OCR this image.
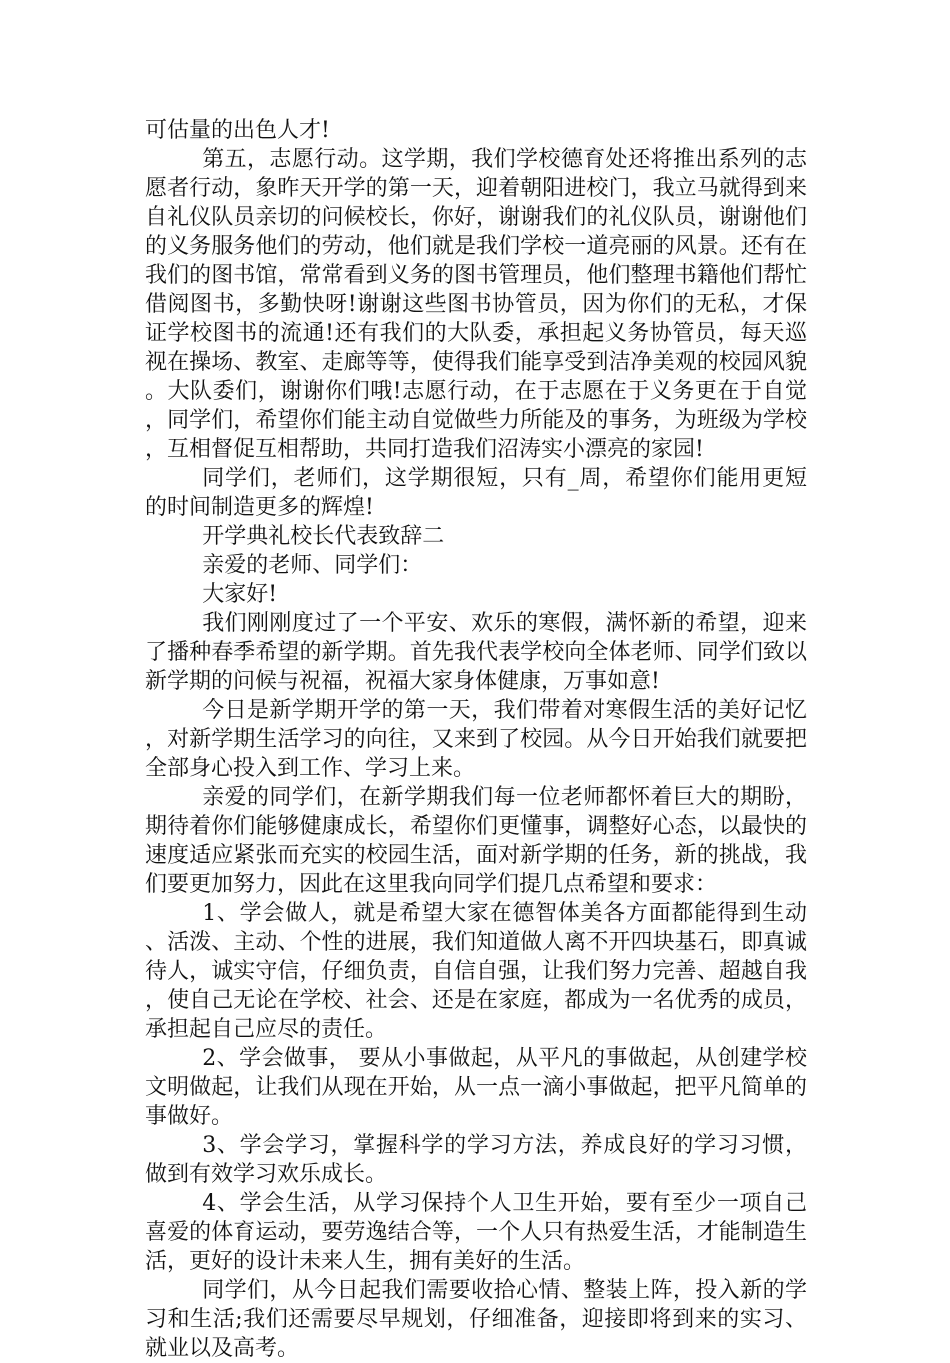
可估量的出色人才!

第五，志愿行动。这学期，我们学校德育处还将推出系列的志愿者行动，象昨天开学的第一天，迎着朝阳进校门，我立马就得到来自礼仪队员亲切的问候校长，你好，谢谢我们的礼仪队员，谢谢他们的义务服务他们的劳动，他们就是我们学校一道亮丽的风景。还有在我们的图书馆，常常看到义务的图书管理员，他们整理书籍他们帮忙借阅图书，多勤快呀!谢谢这些图书协管员，因为你们的无私，才保证学校图书的流通!还有我们的大队委，承担起义务协管员，每天巡视在操场、教室、走廊等等，使得我们能享受到洁净美观的校园风貌。大队委们，谢谢你们哦!志愿行动，在于志愿在于义务更在于自觉，同学们，希望你们能主动自觉做些力所能及的事务，为班级为学校，互相督促互相帮助，共同打造我们沼涛实小漂亮的家园!

同学们，老师们，这学期很短，只有_周，希望你们能用更短的时间制造更多的辉煌!

开学典礼校长代表致辞二

亲爱的老师、同学们：

大家好!

我们刚刚度过了一个平安、欢乐的寒假，满怀新的希望，迎来了播种春季希望的新学期。首先我代表学校向全体老师、同学们致以新学期的问候与祝福，祝福大家身体健康，万事如意!

今日是新学期开学的第一天，我们带着对寒假生活的美好记忆，对新学期生活学习的向往，又来到了校园。从今日开始我们就要把全部身心投入到工作、学习上来。

亲爱的同学们，在新学期我们每一位老师都怀着巨大的期盼，期待着你们能够健康成长，希望你们更懂事，调整好心态，以最快的速度适应紧张而充实的校园生活，面对新学期的任务，新的挑战，我们要更加努力，因此在这里我向同学们提几点希望和要求：

1、学会做人，就是希望大家在德智体美各方面都能得到生动、活泼、主动、个性的进展，我们知道做人离不开四块基石，即真诚待人，诚实守信，仔细负责，自信自强，让我们努力完善、超越自我，使自己无论在学校、社会、还是在家庭，都成为一名优秀的成员，承担起自己应尽的责任。

2、学会做事， 要从小事做起，从平凡的事做起，从创建学校文明做起，让我们从现在开始，从一点一滴小事做起，把平凡简单的事做好。

3、学会学习，掌握科学的学习方法，养成良好的学习习惯，做到有效学习欢乐成长。

4、学会生活，从学习保持个人卫生开始，要有至少一项自己喜爱的体育运动，要劳逸结合等，一个人只有热爱生活，才能制造生活，更好的设计未来人生，拥有美好的生活。

同学们，从今日起我们需要收拾心情、整装上阵，投入新的学习和生活;我们还需要尽早规划，仔细准备，迎接即将到来的实习、就业以及高考。
